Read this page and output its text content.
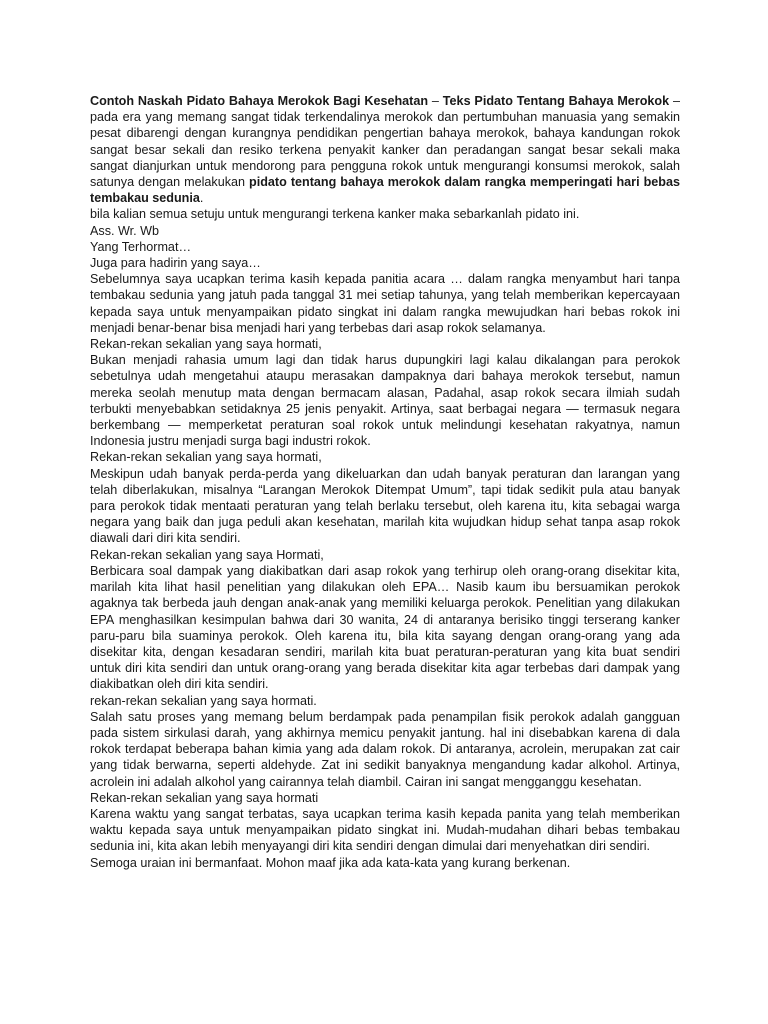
Contoh Naskah Pidato Bahaya Merokok Bagi Kesehatan – Teks Pidato Tentang Bahaya Merokok – pada era yang memang sangat tidak terkendalinya merokok dan pertumbuhan manuasia yang semakin pesat dibarengi dengan kurangnya pendidikan pengertian bahaya merokok, bahaya kandungan rokok sangat besar sekali dan resiko terkena penyakit kanker dan peradangan sangat besar sekali maka sangat dianjurkan untuk mendorong para pengguna rokok untuk mengurangi konsumsi merokok, salah satunya dengan melakukan pidato tentang bahaya merokok dalam rangka memperingati hari bebas tembakau sedunia.

bila kalian semua setuju untuk mengurangi terkena kanker maka sebarkanlah pidato ini.

Ass. Wr. Wb

Yang Terhormat…

Juga para hadirin yang saya…

Sebelumnya saya ucapkan terima kasih kepada panitia acara … dalam rangka menyambut hari tanpa tembakau sedunia yang jatuh pada tanggal 31 mei setiap tahunya, yang telah memberikan kepercayaan kepada saya untuk menyampaikan pidato singkat ini dalam rangka mewujudkan hari bebas rokok ini menjadi benar-benar bisa menjadi hari yang terbebas dari asap rokok selamanya.

Rekan-rekan sekalian yang saya hormati,

Bukan menjadi rahasia umum lagi dan tidak harus dupungkiri lagi kalau dikalangan para perokok sebetulnya udah mengetahui ataupu merasakan dampaknya dari bahaya merokok tersebut, namun mereka seolah menutup mata dengan bermacam alasan, Padahal, asap rokok secara ilmiah sudah terbukti menyebabkan setidaknya 25 jenis penyakit. Artinya, saat berbagai negara — termasuk negara berkembang — memperketat peraturan soal rokok untuk melindungi kesehatan rakyatnya, namun Indonesia justru menjadi surga bagi industri rokok.

Rekan-rekan sekalian yang saya hormati,

Meskipun udah banyak perda-perda yang dikeluarkan dan udah banyak peraturan dan larangan yang telah diberlakukan, misalnya “Larangan Merokok Ditempat Umum”, tapi tidak sedikit pula atau banyak para perokok tidak mentaati peraturan yang telah berlaku tersebut, oleh karena itu, kita sebagai warga negara yang baik dan juga peduli akan kesehatan, marilah kita wujudkan hidup sehat tanpa asap rokok diawali dari diri kita sendiri.

Rekan-rekan sekalian yang saya Hormati,

Berbicara soal dampak yang diakibatkan dari asap rokok yang terhirup oleh orang-orang disekitar kita, marilah kita lihat hasil penelitian yang dilakukan oleh EPA… Nasib kaum ibu bersuamikan perokok agaknya tak berbeda jauh dengan anak-anak yang memiliki keluarga perokok. Penelitian yang dilakukan EPA menghasilkan kesimpulan bahwa dari 30 wanita, 24 di antaranya berisiko tinggi terserang kanker paru-paru bila suaminya perokok. Oleh karena itu, bila kita sayang dengan orang-orang yang ada disekitar kita, dengan kesadaran sendiri, marilah kita buat peraturan-peraturan yang kita buat sendiri untuk diri kita sendiri dan untuk orang-orang yang berada disekitar kita agar terbebas dari dampak yang diakibatkan oleh diri kita sendiri.

rekan-rekan sekalian yang saya hormati.

Salah satu proses yang memang belum berdampak pada penampilan fisik perokok adalah gangguan pada sistem sirkulasi darah, yang akhirnya memicu penyakit jantung. hal ini disebabkan karena di dala rokok terdapat beberapa bahan kimia yang ada dalam rokok. Di antaranya, acrolein, merupakan zat cair yang tidak berwarna, seperti aldehyde. Zat ini sedikit banyaknya mengandung kadar alkohol. Artinya, acrolein ini adalah alkohol yang cairannya telah diambil. Cairan ini sangat mengganggu kesehatan.

Rekan-rekan sekalian yang saya hormati

Karena waktu yang sangat terbatas, saya ucapkan terima kasih kepada panita yang telah memberikan waktu kepada saya untuk menyampaikan pidato singkat ini. Mudah-mudahan dihari bebas tembakau sedunia ini, kita akan lebih menyayangi diri kita sendiri dengan dimulai dari menyehatkan diri sendiri.

Semoga uraian ini bermanfaat. Mohon maaf jika ada kata-kata yang kurang berkenan.
